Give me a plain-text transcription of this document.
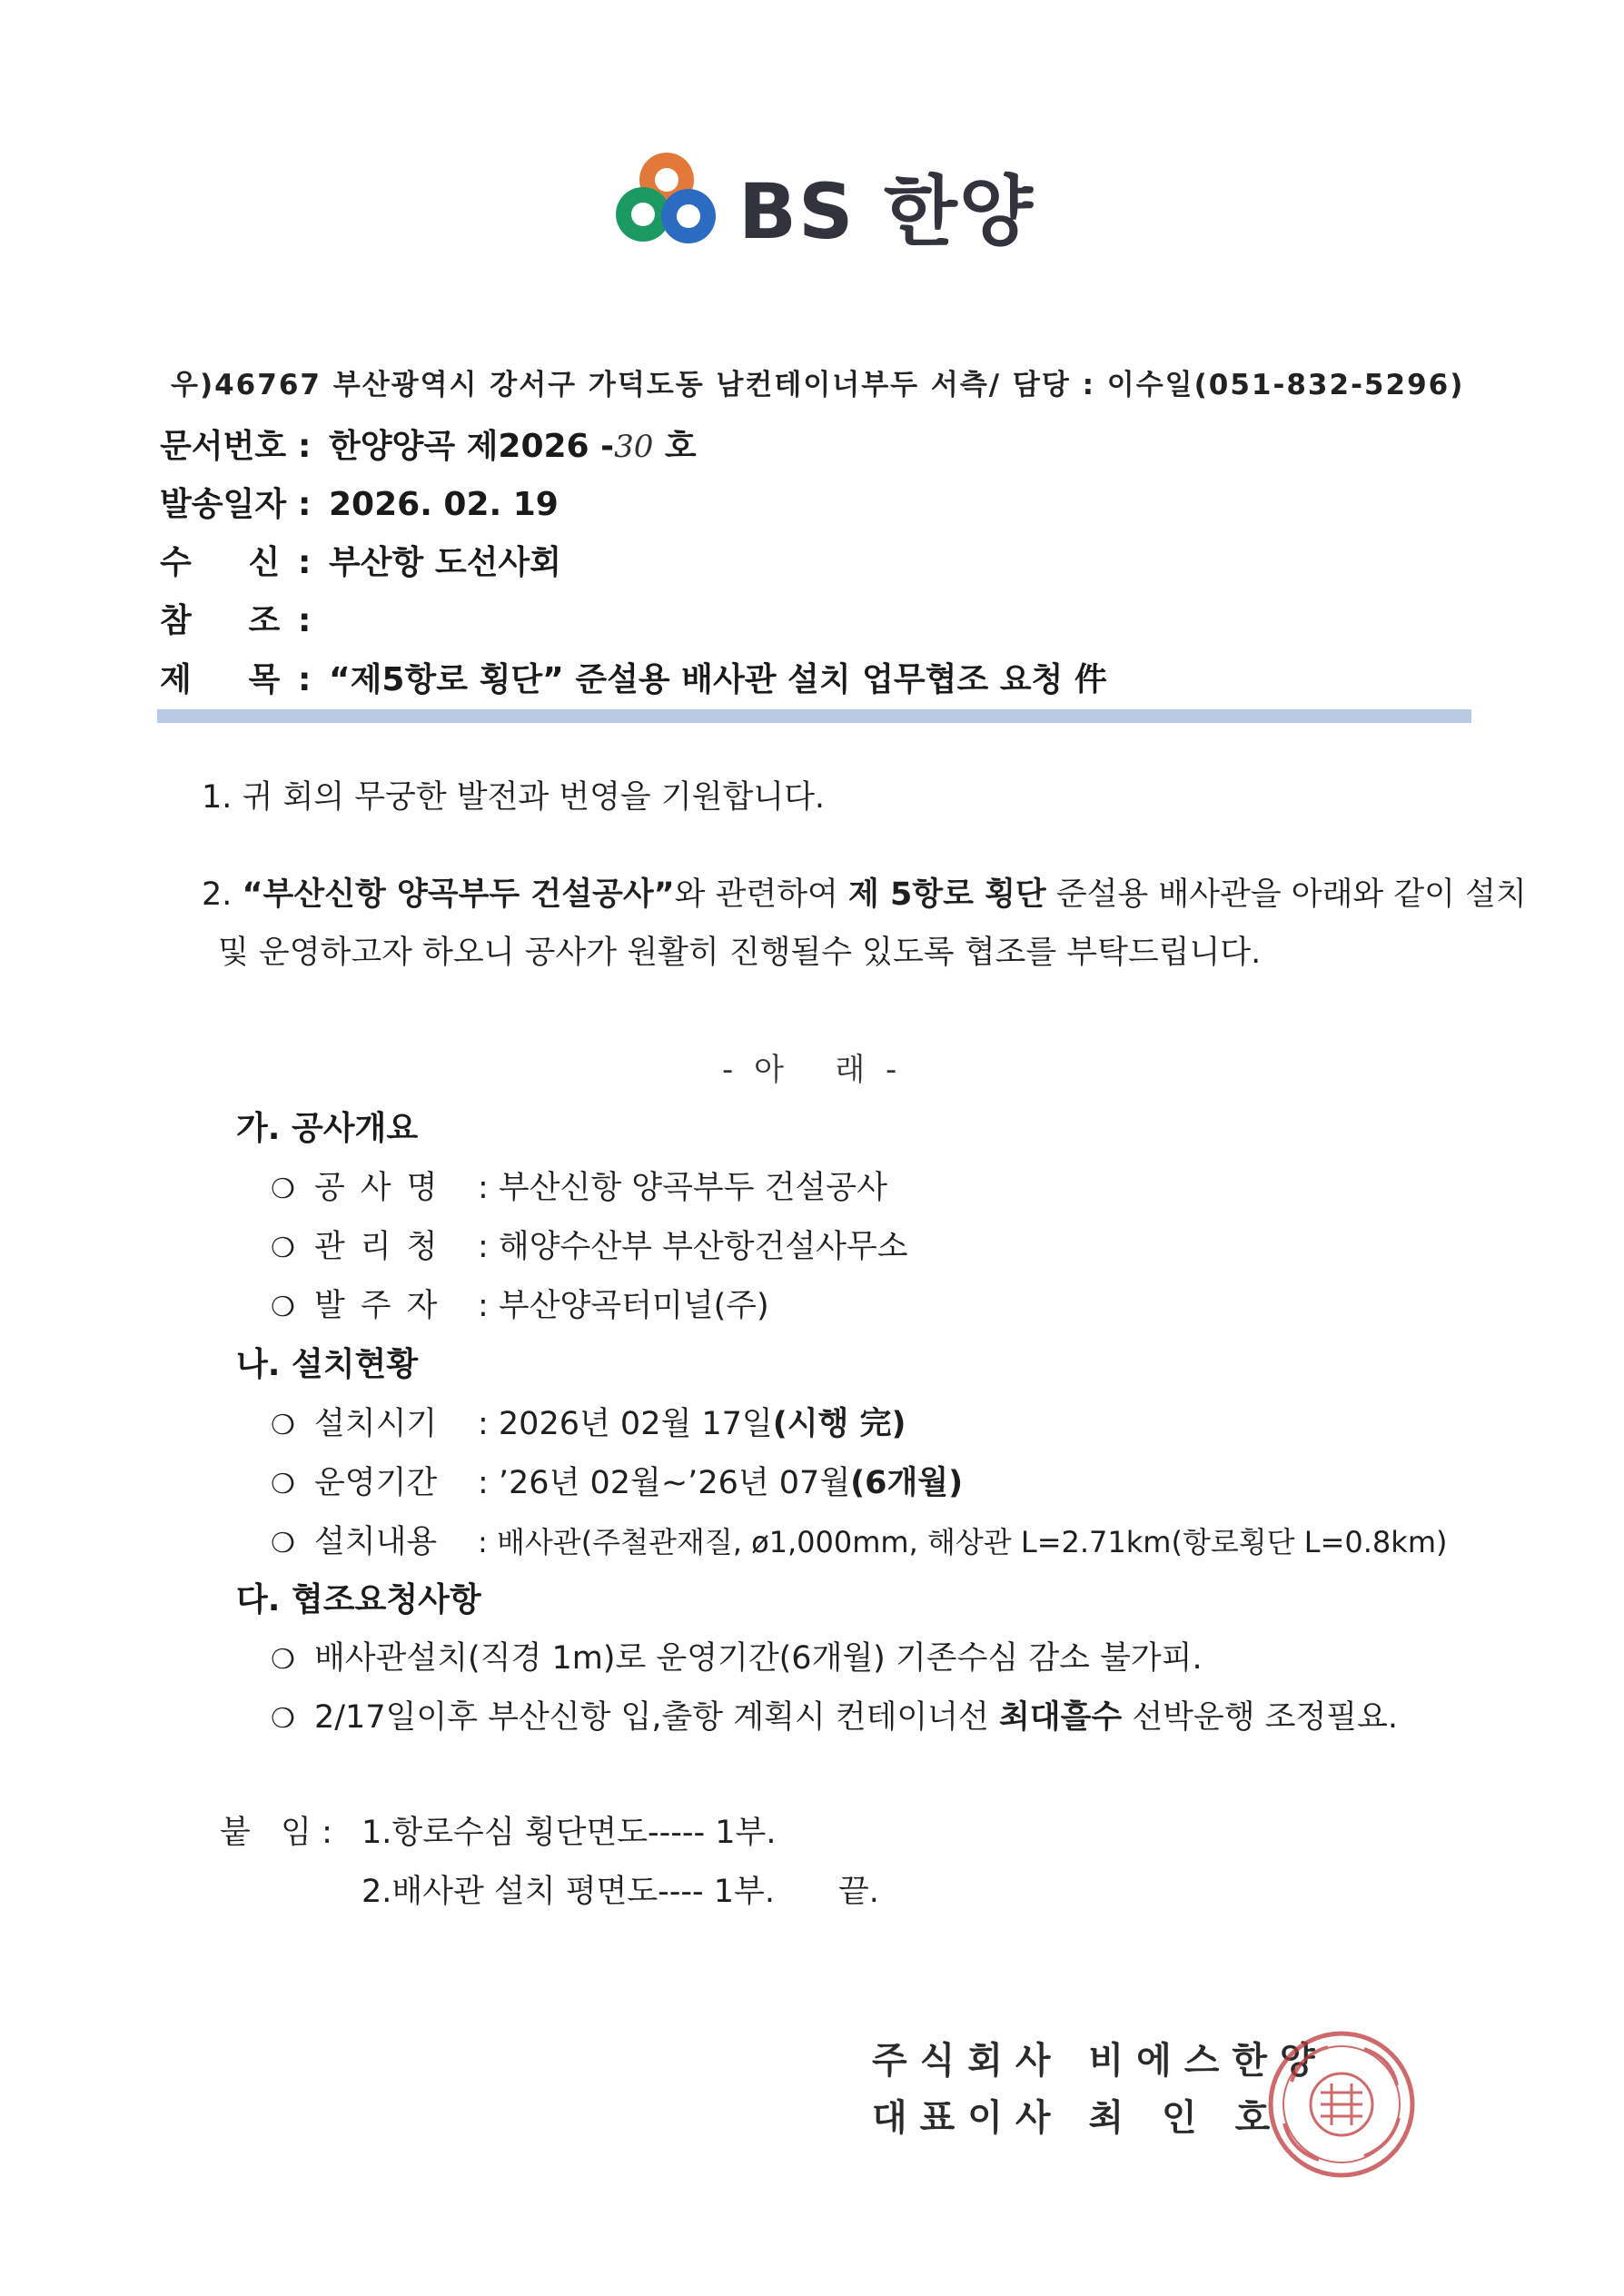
BS 한양
우)46767 부산광역시 강서구 가덕도동 남컨테이너부두 서측/ 담당 : 이수일(051-832-5296)
문서번호 : 한양양곡 제2026 -30 호
발송일자 : 2026. 02. 19
수     신 : 부산항 도선사회
참     조 :
제     목 : “제5항로 횡단” 준설용 배사관 설치 업무협조 요청 件
1. 귀 회의 무궁한 발전과 번영을 기원합니다.
2. “부산신항 양곡부두 건설공사”와 관련하여 제 5항로 횡단 준설용 배사관을 아래와 같이 설치
및 운영하고자 하오니 공사가 원활히 진행될수 있도록 협조를 부탁드립니다.
- 아   래 -
가. 공사개요
❍ 공사명 : 부산신항 양곡부두 건설공사
❍ 관리청 : 해양수산부 부산항건설사무소
❍ 발주자 : 부산양곡터미널(주)
나. 설치현황
❍ 설치시기 : 2026년 02월 17일(시행 完)
❍ 운영기간 : ’26년 02월~’26년 07월(6개월)
❍ 설치내용 : 배사관(주철관재질, ø1,000mm, 해상관 L=2.71km(항로횡단 L=0.8km)
다. 협조요청사항
❍ 배사관설치(직경 1m)로 운영기간(6개월) 기존수심 감소 불가피.
❍ 2/17일이후 부산신항 입,출항 계획시 컨테이너선 최대흘수 선박운행 조정필요.
붙   임 : 1.항로수심 횡단면도----- 1부.
2.배사관 설치 평면도---- 1부. 끝.
주식회사 비에스한양
대표이사 최 인 호
